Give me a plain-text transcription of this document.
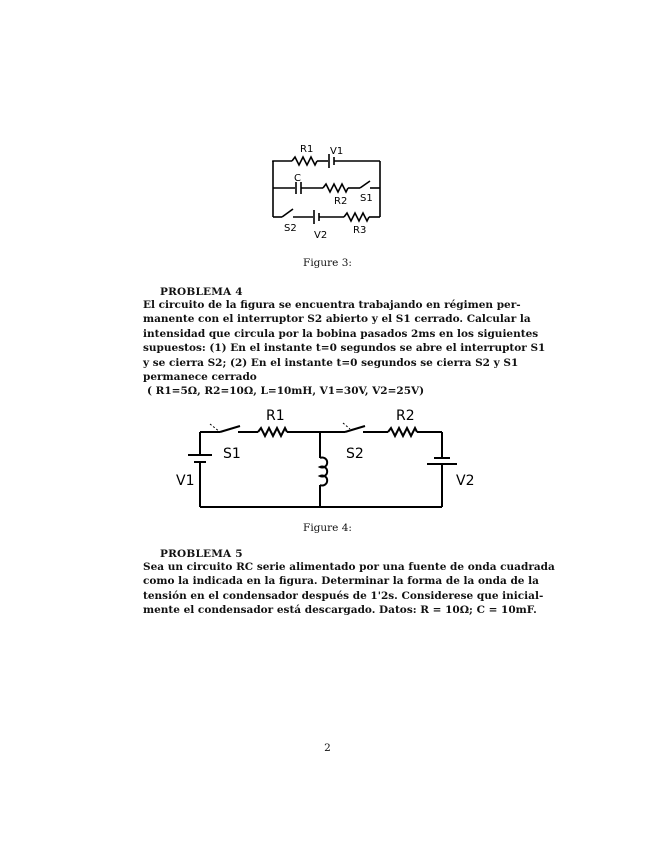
R1 V1
C
R2 S1
S2
V2	R3
Figure 3:
PROBLEMA 4
El circuito de la figura se encuentra trabajando en régimen per-
manente con el interruptor S2 abierto y el S1 cerrado. Calcular la
intensidad que circula por la bobina pasados 2ms en los siguientes
supuestos: (1) En el instante t=0 segundos se abre el interruptor S1
y se cierra S2; (2) En el instante t=0 segundos se cierra S2 y S1
permanece cerrado
( R1=5Ω, R2=10Ω, L=10mH, V1=30V, V2=25V)
R1	R2
S1	S2
V1	V2
Figure 4:
PROBLEMA 5
Sea un circuito RC serie alimentado por una fuente de onda cuadrada
como la indicada en la figura. Determinar la forma de la onda de la
tensión en el condensador después de 1'2s. Considerese que inicial-
mente el condensador está descargado. Datos: R = 10Ω; C = 10mF.
2
